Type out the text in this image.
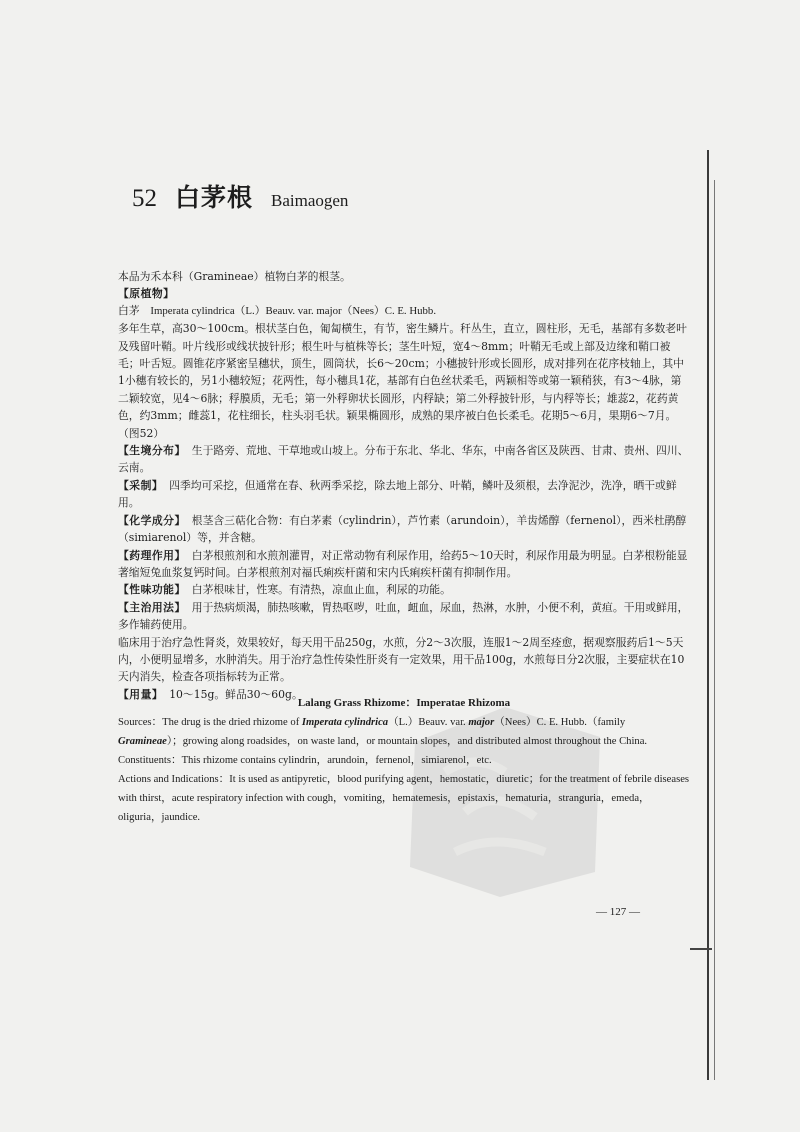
52 白茅根 Baimaogen

本品为禾本科（Gramineae）植物白茅的根茎。

【原植物】

白茅　Imperata cylindrica（L.）Beauv. var. major（Nees）C. E. Hubb.

多年生草，高30～100cm。根状茎白色，匍匐横生，有节，密生鳞片。秆丛生，直立，圆柱形，无毛，基部有多数老叶及残留叶鞘。叶片线形或线状披针形；根生叶与植株等长；茎生叶短，宽4～8mm；叶鞘无毛或上部及边缘和鞘口被毛；叶舌短。圆锥花序紧密呈穗状，顶生，圆筒状，长6～20cm；小穗披针形或长圆形，成对排列在花序枝轴上，其中1小穗有较长的，另1小穗较短；花两性，每小穗具1花，基部有白色丝状柔毛，两颖相等或第一颖稍狭，有3～4脉，第二颖较宽，见4～6脉；稃膜质，无毛；第一外稃卵状长圆形，内稃缺；第二外稃披针形，与内稃等长；雄蕊2，花药黄色，约3mm；雌蕊1，花柱细长，柱头羽毛状。颖果椭圆形，成熟的果序被白色长柔毛。花期5～6月，果期6～7月。（图52）

【生境分布】 生于路旁、荒地、干草地或山坡上。分布于东北、华北、华东，中南各省区及陕西、甘肃、贵州、四川、云南。

【采制】 四季均可采挖，但通常在春、秋两季采挖，除去地上部分、叶鞘，鳞叶及须根，去净泥沙，洗净，晒干或鲜用。

【化学成分】 根茎含三萜化合物：有白茅素（cylindrin），芦竹素（arundoin），羊齿烯醇（fernenol），西米杜鹃醇（simiarenol）等，并含糖。

【药理作用】 白茅根煎剂和水煎剂灌胃，对正常动物有利尿作用，给药5～10天时，利尿作用最为明显。白茅根粉能显著缩短兔血浆复钙时间。白茅根煎剂对福氏痢疾杆菌和宋内氏痢疾杆菌有抑制作用。

【性味功能】 白茅根味甘，性寒。有清热，凉血止血，利尿的功能。

【主治用法】 用于热病烦渴，肺热咳嗽，胃热呕哕，吐血，衄血，尿血，热淋，水肿，小便不利，黄疸。干用或鲜用，多作辅药使用。

临床用于治疗急性肾炎，效果较好，每天用干品250g，水煎，分2～3次服，连服1～2周至痊愈，据观察服药后1～5天内，小便明显增多，水肿消失。用于治疗急性传染性肝炎有一定效果，用干品100g，水煎每日分2次服，主要症状在10天内消失，检查各项指标转为正常。

【用量】 10～15g。鲜品30～60g。

Lalang Grass Rhizome：Imperatae Rhizoma

Sources：The drug is the dried rhizome of Imperata cylindrica（L.）Beauv. var. major（Nees）C. E. Hubb.（family Gramineae）；growing along roadsides，on waste land，or mountain slopes，and distributed almost throughout the China.

Constituents：This rhizome contains cylindrin，arundoin，fernenol，simiarenol，etc.

Actions and Indications：It is used as antipyretic，blood purifying agent，hemostatic，diuretic；for the treatment of febrile diseases with thirst，acute respiratory infection with cough，vomiting，hematemesis，epistaxis，hematuria，stranguria，emeda，oliguria，jaundice.

— 127 —
